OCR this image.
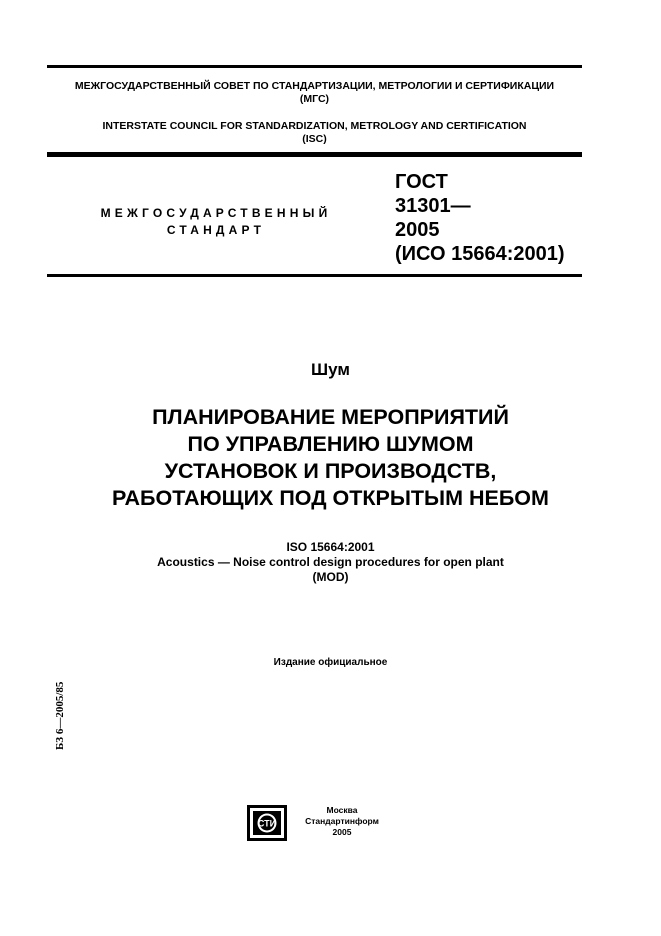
МЕЖГОСУДАРСТВЕННЫЙ СОВЕТ ПО СТАНДАРТИЗАЦИИ, МЕТРОЛОГИИ И СЕРТИФИКАЦИИ
(МГС)
INTERSTATE COUNCIL FOR STANDARDIZATION, METROLOGY AND CERTIFICATION
(ISC)
МЕЖГОСУДАРСТВЕННЫЙ
СТАНДАРТ
ГОСТ
31301—
2005
(ИСО 15664:2001)
Шум
ПЛАНИРОВАНИЕ МЕРОПРИЯТИЙ
ПО УПРАВЛЕНИЮ ШУМОМ
УСТАНОВОК И ПРОИЗВОДСТВ,
РАБОТАЮЩИХ ПОД ОТКРЫТЫМ НЕБОМ
ISO 15664:2001
Acoustics — Noise control design procedures for open plant
(MOD)
Издание официальное
БЗ 6—2005/85
СТИ
Москва
Стандартинформ
2005
